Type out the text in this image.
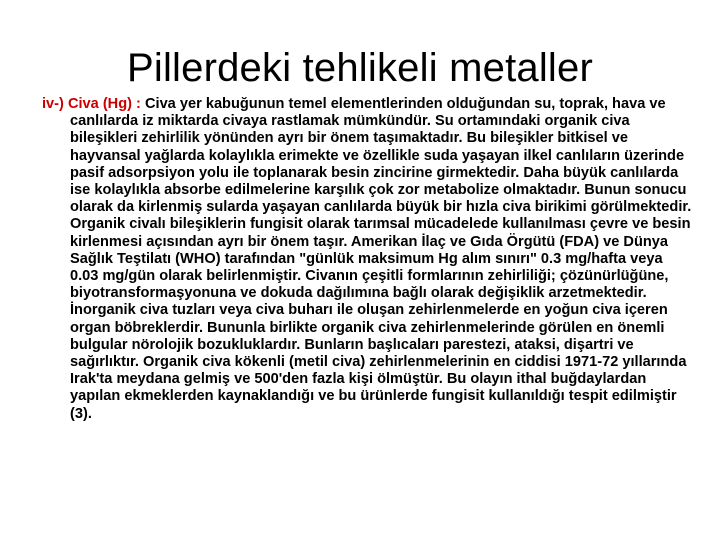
Pillerdeki tehlikeli metaller

iv-) Civa (Hg) : Civa yer kabuğunun temel elementlerinden olduğundan su, toprak, hava ve canlılarda iz miktarda civaya rastlamak mümkündür. Su ortamındaki organik civa bileşikleri zehirlilik yönünden ayrı bir önem taşımaktadır. Bu bileşikler bitkisel ve hayvansal yağlarda kolaylıkla erimekte ve özellikle suda yaşayan ilkel canlıların üzerinde pasif adsorpsiyon yolu ile toplanarak besin zincirine girmektedir. Daha büyük canlılarda ise kolaylıkla absorbe edilmelerine karşılık çok zor metabolize olmaktadır. Bunun sonucu olarak da kirlenmiş sularda yaşayan canlılarda büyük bir hızla civa birikimi görülmektedir. Organik civalı bileşiklerin fungisit olarak tarımsal mücadelede kullanılması çevre ve besin kirlenmesi açısından ayrı bir önem taşır. Amerikan İlaç ve Gıda Örgütü (FDA) ve Dünya Sağlık Teştilatı (WHO) tarafından "günlük maksimum Hg alım sınırı" 0.3 mg/hafta veya 0.03 mg/gün olarak belirlenmiştir. Civanın çeşitli formlarının zehirliliği; çözünürlüğüne, biyotransformaşyonuna ve dokuda dağılımına bağlı olarak değişiklik arzetmektedir. İnorganik civa tuzları veya civa buharı ile oluşan zehirlenmelerde en yoğun civa içeren organ böbreklerdir. Bununla birlikte organik civa zehirlenmelerinde görülen en önemli bulgular nörolojik bozukluklardır. Bunların başlıcaları parestezi, ataksi, dişartri ve sağırlıktır. Organik civa kökenli (metil civa) zehirlenmelerinin en ciddisi 1971-72 yıllarında Irak'ta meydana gelmiş ve 500'den fazla kişi ölmüştür. Bu olayın ithal buğdaylardan yapılan ekmeklerden kaynaklandığı ve bu ürünlerde fungisit kullanıldığı tespit edilmiştir (3).
